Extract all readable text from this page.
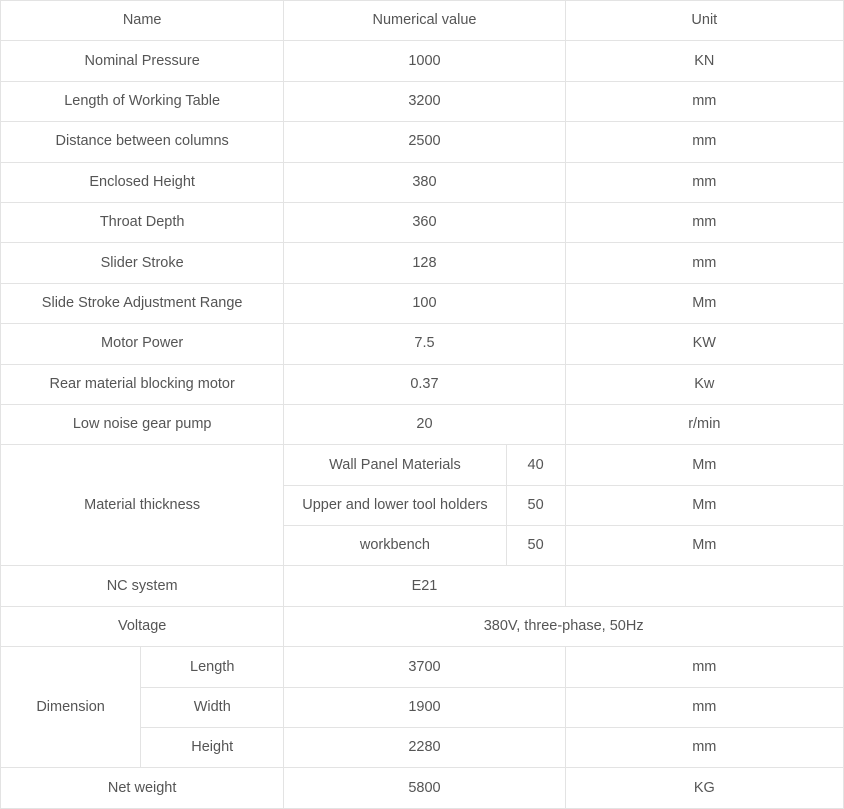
Name		Numerical value		Unit
Nominal Pressure		1000		KN
Length of Working Table		3200		mm
Distance between columns		2500		mm
Enclosed Height		380		mm
Throat Depth		360		mm
Slider Stroke		128		mm
Slide Stroke Adjustment Range		100		Mm
Motor Power		7.5		KW
Rear material blocking motor		0.37		Kw
Low noise gear pump		20		r/min
Material thickness		Wall Panel Materials	40	Mm
		Upper and lower tool holders	50	Mm
		workbench	50	Mm
NC system		E21		
Voltage		380V, three-phase, 50Hz		
Dimension	Length	3700		mm
	Width	1900		mm
	Height	2280		mm
Net weight		5800		KG
